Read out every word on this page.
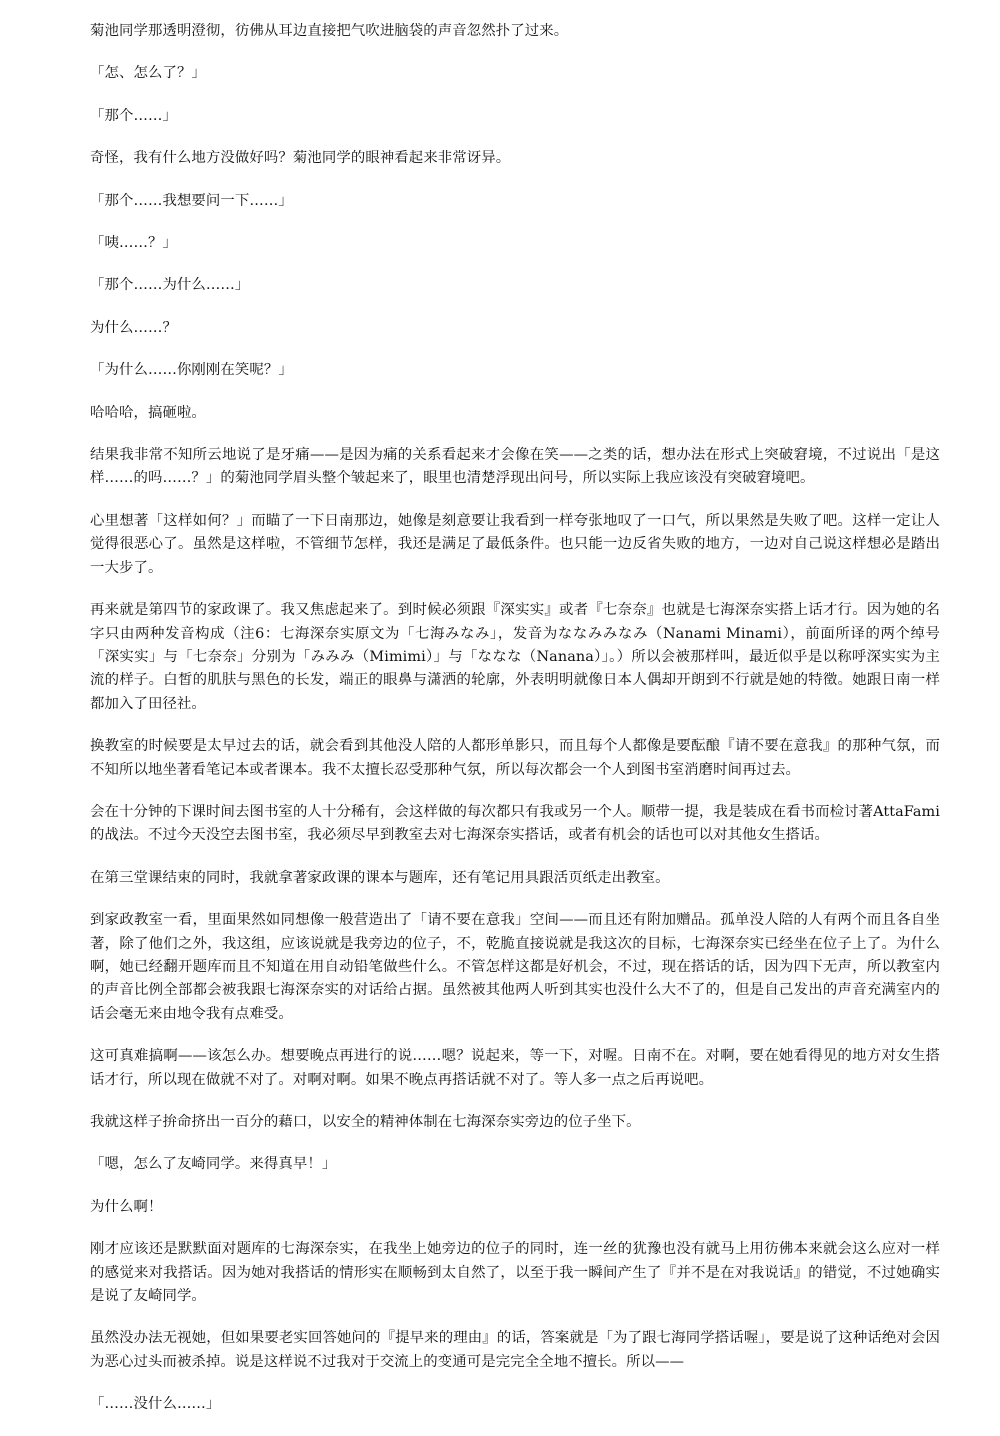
菊池同学那透明澄彻，彷佛从耳边直接把气吹进脑袋的声音忽然扑了过来。

「怎、怎么了？」

「那个……」

奇怪，我有什么地方没做好吗？菊池同学的眼神看起来非常讶异。

「那个……我想要问一下……」

「咦……？」

「那个……为什么……」

为什么……？

「为什么……你刚刚在笑呢？」

哈哈哈，搞砸啦。

结果我非常不知所云地说了是牙痛——是因为痛的关系看起来才会像在笑——之类的话，想办法在形式上突破窘境，不过说出「是这样……的吗……？」的菊池同学眉头整个皱起来了，眼里也清楚浮现出问号，所以实际上我应该没有突破窘境吧。

心里想著「这样如何？」而瞄了一下日南那边，她像是刻意要让我看到一样夸张地叹了一口气，所以果然是失败了吧。这样一定让人觉得很恶心了。虽然是这样啦，不管细节怎样，我还是满足了最低条件。也只能一边反省失败的地方，一边对自己说这样想必是踏出一大步了。

再来就是第四节的家政课了。我又焦虑起来了。到时候必须跟『深实实』或者『七奈奈』也就是七海深奈实搭上话才行。因为她的名字只由两种发音构成（注6：七海深奈实原文为「七海みなみ」，发音为ななみみなみ（Nanami Minami），前面所译的两个绰号「深实实」与「七奈奈」分别为「みみみ（Mimimi）」与「ななな（Nanana）」。）所以会被那样叫，最近似乎是以称呼深实实为主流的样子。白皙的肌肤与黑色的长发，端正的眼鼻与潇洒的轮廓，外表明明就像日本人偶却开朗到不行就是她的特徵。她跟日南一样都加入了田径社。

换教室的时候要是太早过去的话，就会看到其他没人陪的人都形单影只，而且每个人都像是要酝酿『请不要在意我』的那种气氛，而不知所以地坐著看笔记本或者课本。我不太擅长忍受那种气氛，所以每次都会一个人到图书室消磨时间再过去。

会在十分钟的下课时间去图书室的人十分稀有，会这样做的每次都只有我或另一个人。顺带一提，我是装成在看书而检讨著AttaFami的战法。不过今天没空去图书室，我必须尽早到教室去对七海深奈实搭话，或者有机会的话也可以对其他女生搭话。

在第三堂课结束的同时，我就拿著家政课的课本与题库，还有笔记用具跟活页纸走出教室。

到家政教室一看，里面果然如同想像一般营造出了「请不要在意我」空间——而且还有附加赠品。孤单没人陪的人有两个而且各自坐著，除了他们之外，我这组，应该说就是我旁边的位子，不，乾脆直接说就是我这次的目标，七海深奈实已经坐在位子上了。为什么啊，她已经翻开题库而且不知道在用自动铅笔做些什么。不管怎样这都是好机会，不过，现在搭话的话，因为四下无声，所以教室内的声音比例全部都会被我跟七海深奈实的对话给占据。虽然被其他两人听到其实也没什么大不了的，但是自己发出的声音充满室内的话会毫无来由地令我有点难受。

这可真难搞啊——该怎么办。想要晚点再进行的说……嗯？说起来，等一下，对喔。日南不在。对啊，要在她看得见的地方对女生搭话才行，所以现在做就不对了。对啊对啊。如果不晚点再搭话就不对了。等人多一点之后再说吧。

我就这样子拚命挤出一百分的藉口，以安全的精神体制在七海深奈实旁边的位子坐下。

「嗯，怎么了友崎同学。来得真早！」

为什么啊！

刚才应该还是默默面对题库的七海深奈实，在我坐上她旁边的位子的同时，连一丝的犹豫也没有就马上用彷佛本来就会这么应对一样的感觉来对我搭话。因为她对我搭话的情形实在顺畅到太自然了，以至于我一瞬间产生了『并不是在对我说话』的错觉，不过她确实是说了友崎同学。

虽然没办法无视她，但如果要老实回答她问的『提早来的理由』的话，答案就是「为了跟七海同学搭话喔」，要是说了这种话绝对会因为恶心过头而被杀掉。说是这样说不过我对于交流上的变通可是完完全全地不擅长。所以——

「……没什么……」
